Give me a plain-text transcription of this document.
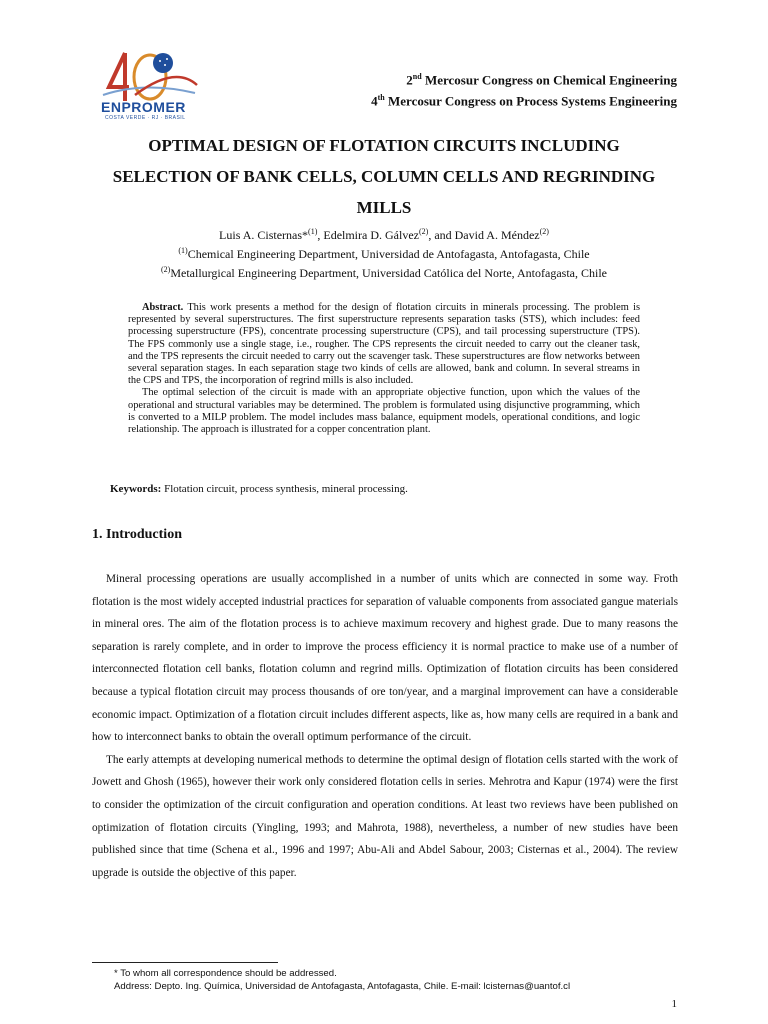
ENPROMER
COSTA VERDE · RJ · BRASIL
2nd Mercosur Congress on Chemical Engineering
4th Mercosur Congress on Process Systems Engineering
OPTIMAL DESIGN OF FLOTATION CIRCUITS INCLUDING
SELECTION OF BANK CELLS, COLUMN CELLS AND REGRINDING
MILLS
Luis A. Cisternas*$^{(1)}$, Edelmira D. Gálvez$^{(2)}$, and David A. Méndez$^{(2)}$
$^{(1)}$Chemical Engineering Department, Universidad de Antofagasta, Antofagasta, Chile
$^{(2)}$Metallurgical Engineering Department, Universidad Católica del Norte, Antofagasta, Chile

Abstract. This work presents a method for the design of flotation circuits in minerals processing. The problem is represented by several superstructures. The first superstructure represents separation tasks (STS), which includes: feed processing superstructure (FPS), concentrate processing superstructure (CPS), and tail processing superstructure (TPS). The FPS commonly use a single stage, i.e., rougher. The CPS represents the circuit needed to carry out the cleaner task, and the TPS represents the circuit needed to carry out the scavenger task. These superstructures are flow networks between several separation stages. In each separation stage two kinds of cells are allowed, bank and column. In several streams in the CPS and TPS, the incorporation of regrind mills is also included.

The optimal selection of the circuit is made with an appropriate objective function, upon which the values of the operational and structural variables may be determined. The problem is formulated using disjunctive programming, which is converted to a MILP problem. The model includes mass balance, equipment models, operational conditions, and logic relationship. The approach is illustrated for a copper concentration plant.

Keywords: Flotation circuit, process synthesis, mineral processing.
1. Introduction

Mineral processing operations are usually accomplished in a number of units which are connected in some way. Froth flotation is the most widely accepted industrial practices for separation of valuable components from associated gangue materials in mineral ores. The aim of the flotation process is to achieve maximum recovery and highest grade. Due to many reasons the separation is rarely complete, and in order to improve the process efficiency it is normal practice to make use of a number of interconnected flotation cell banks, flotation column and regrind mills. Optimization of flotation circuits has been considered because a typical flotation circuit may process thousands of ore ton/year, and a marginal improvement can have a considerable economic impact. Optimization of a flotation circuit includes different aspects, like as, how many cells are required in a bank and how to interconnect banks to obtain the overall optimum performance of the circuit.

The early attempts at developing numerical methods to determine the optimal design of flotation cells started with the work of Jowett and Ghosh (1965), however their work only considered flotation cells in series. Mehrotra and Kapur (1974) were the first to consider the optimization of the circuit configuration and operation conditions. At least two reviews have been published on optimization of flotation circuits (Yingling, 1993; and Mahrota, 1988), nevertheless, a number of new studies have been published since that time (Schena et al., 1996 and 1997; Abu-Ali and Abdel Sabour, 2003; Cisternas et al., 2004). The review upgrade is outside the objective of this paper.

* To whom all correspondence should be addressed.
Address: Depto. Ing. Química, Universidad de Antofagasta, Antofagasta, Chile. E-mail: lcisternas@uantof.cl
1
